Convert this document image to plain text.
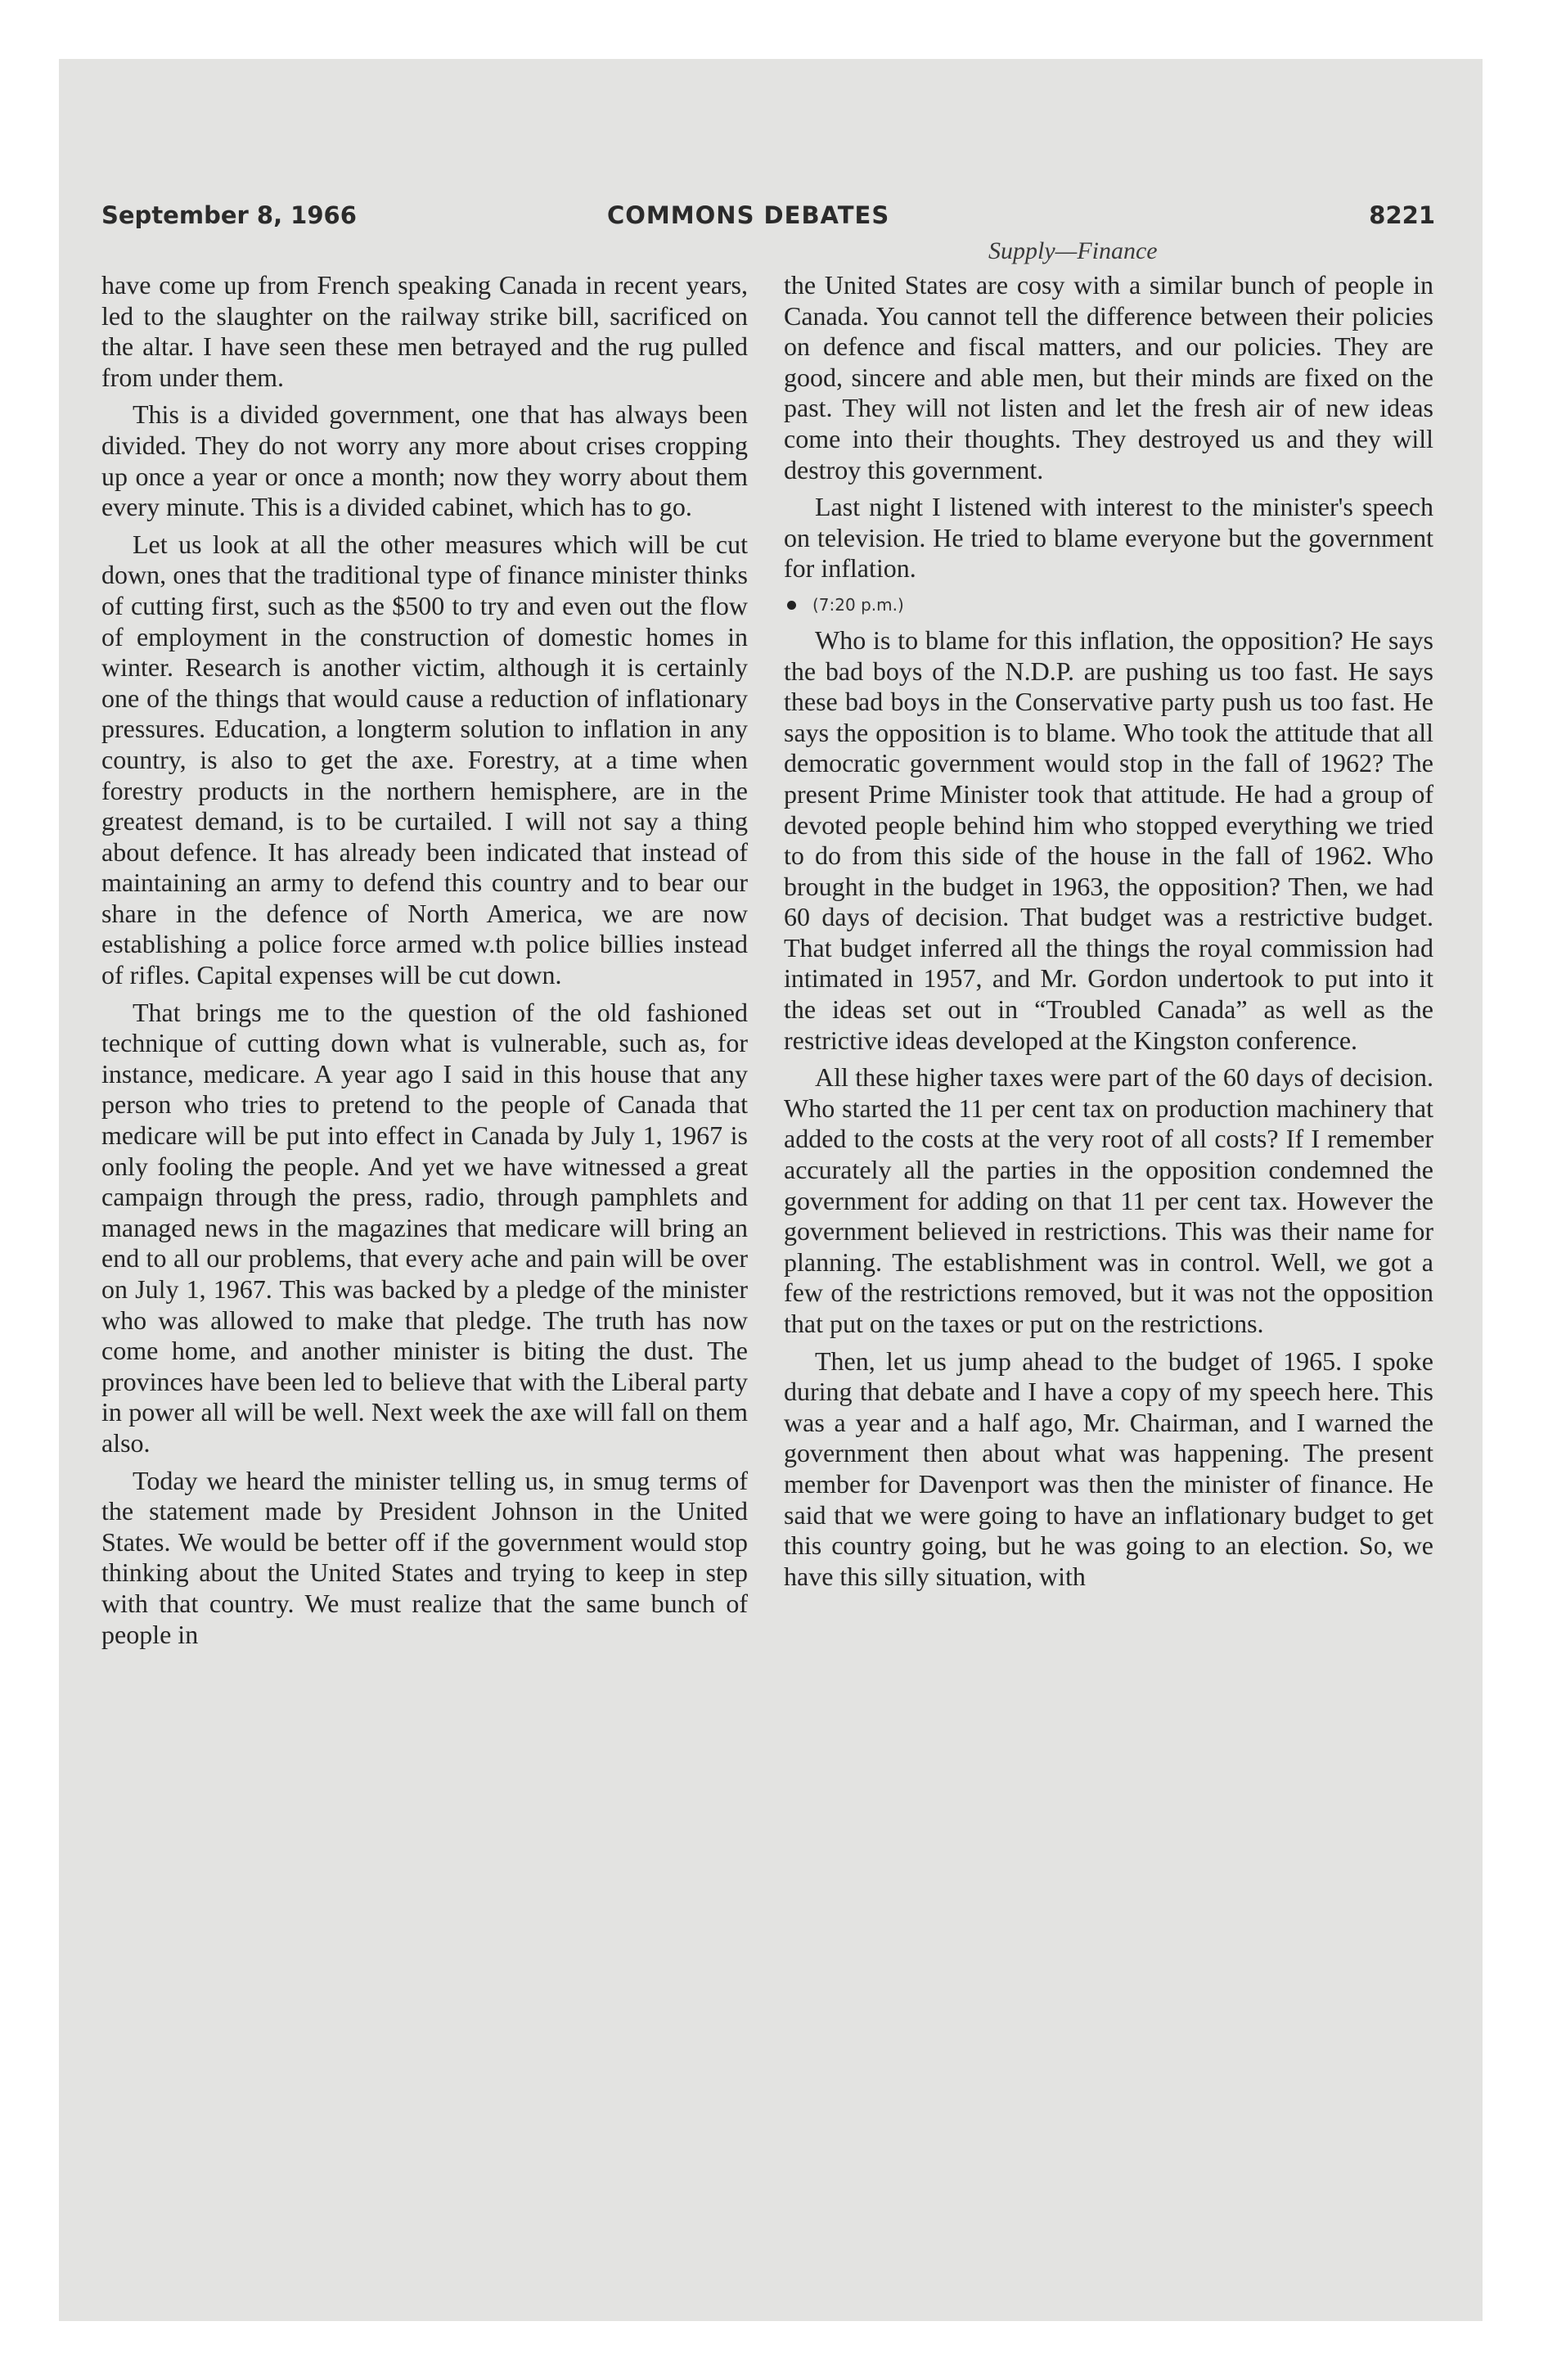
September 8, 1966	COMMONS DEBATES	8221
Supply—Finance

have come up from French speaking Canada in recent years, led to the slaughter on the railway strike bill, sacrificed on the altar. I have seen these men betrayed and the rug pulled from under them.

This is a divided government, one that has always been divided. They do not worry any more about crises cropping up once a year or once a month; now they worry about them every minute. This is a divided cabinet, which has to go.

Let us look at all the other measures which will be cut down, ones that the traditional type of finance minister thinks of cutting first, such as the $500 to try and even out the flow of employment in the construction of domestic homes in winter. Research is another victim, although it is certainly one of the things that would cause a reduction of inflationary pressures. Education, a longterm solution to inflation in any country, is also to get the axe. Forestry, at a time when forestry products in the northern hemisphere, are in the greatest demand, is to be curtailed. I will not say a thing about defence. It has already been indicated that instead of maintaining an army to defend this country and to bear our share in the defence of North America, we are now establishing a police force armed w.th police billies instead of rifles. Capital expenses will be cut down.

That brings me to the question of the old fashioned technique of cutting down what is vulnerable, such as, for instance, medicare. A year ago I said in this house that any person who tries to pretend to the people of Canada that medicare will be put into effect in Canada by July 1, 1967 is only fooling the people. And yet we have witnessed a great campaign through the press, radio, through pamphlets and managed news in the magazines that medicare will bring an end to all our problems, that every ache and pain will be over on July 1, 1967. This was backed by a pledge of the minister who was allowed to make that pledge. The truth has now come home, and another minister is biting the dust. The provinces have been led to believe that with the Liberal party in power all will be well. Next week the axe will fall on them also.

Today we heard the minister telling us, in smug terms of the statement made by President Johnson in the United States. We would be better off if the government would stop thinking about the United States and trying to keep in step with that country. We must realize that the same bunch of people in

the United States are cosy with a similar bunch of people in Canada. You cannot tell the difference between their policies on defence and fiscal matters, and our policies. They are good, sincere and able men, but their minds are fixed on the past. They will not listen and let the fresh air of new ideas come into their thoughts. They destroyed us and they will destroy this government.

Last night I listened with interest to the minister's speech on television. He tried to blame everyone but the government for inflation.

(7:20 p.m.)

Who is to blame for this inflation, the opposition? He says the bad boys of the N.D.P. are pushing us too fast. He says these bad boys in the Conservative party push us too fast. He says the opposition is to blame. Who took the attitude that all democratic government would stop in the fall of 1962? The present Prime Minister took that attitude. He had a group of devoted people behind him who stopped everything we tried to do from this side of the house in the fall of 1962. Who brought in the budget in 1963, the opposition? Then, we had 60 days of decision. That budget was a restrictive budget. That budget inferred all the things the royal commission had intimated in 1957, and Mr. Gordon undertook to put into it the ideas set out in “Troubled Canada” as well as the restrictive ideas developed at the Kingston conference.

All these higher taxes were part of the 60 days of decision. Who started the 11 per cent tax on production machinery that added to the costs at the very root of all costs? If I remember accurately all the parties in the opposition condemned the government for adding on that 11 per cent tax. However the government believed in restrictions. This was their name for planning. The establishment was in control. Well, we got a few of the restrictions removed, but it was not the opposition that put on the taxes or put on the restrictions.

Then, let us jump ahead to the budget of 1965. I spoke during that debate and I have a copy of my speech here. This was a year and a half ago, Mr. Chairman, and I warned the government then about what was happening. The present member for Davenport was then the minister of finance. He said that we were going to have an inflationary budget to get this country going, but he was going to an election. So, we have this silly situation, with
